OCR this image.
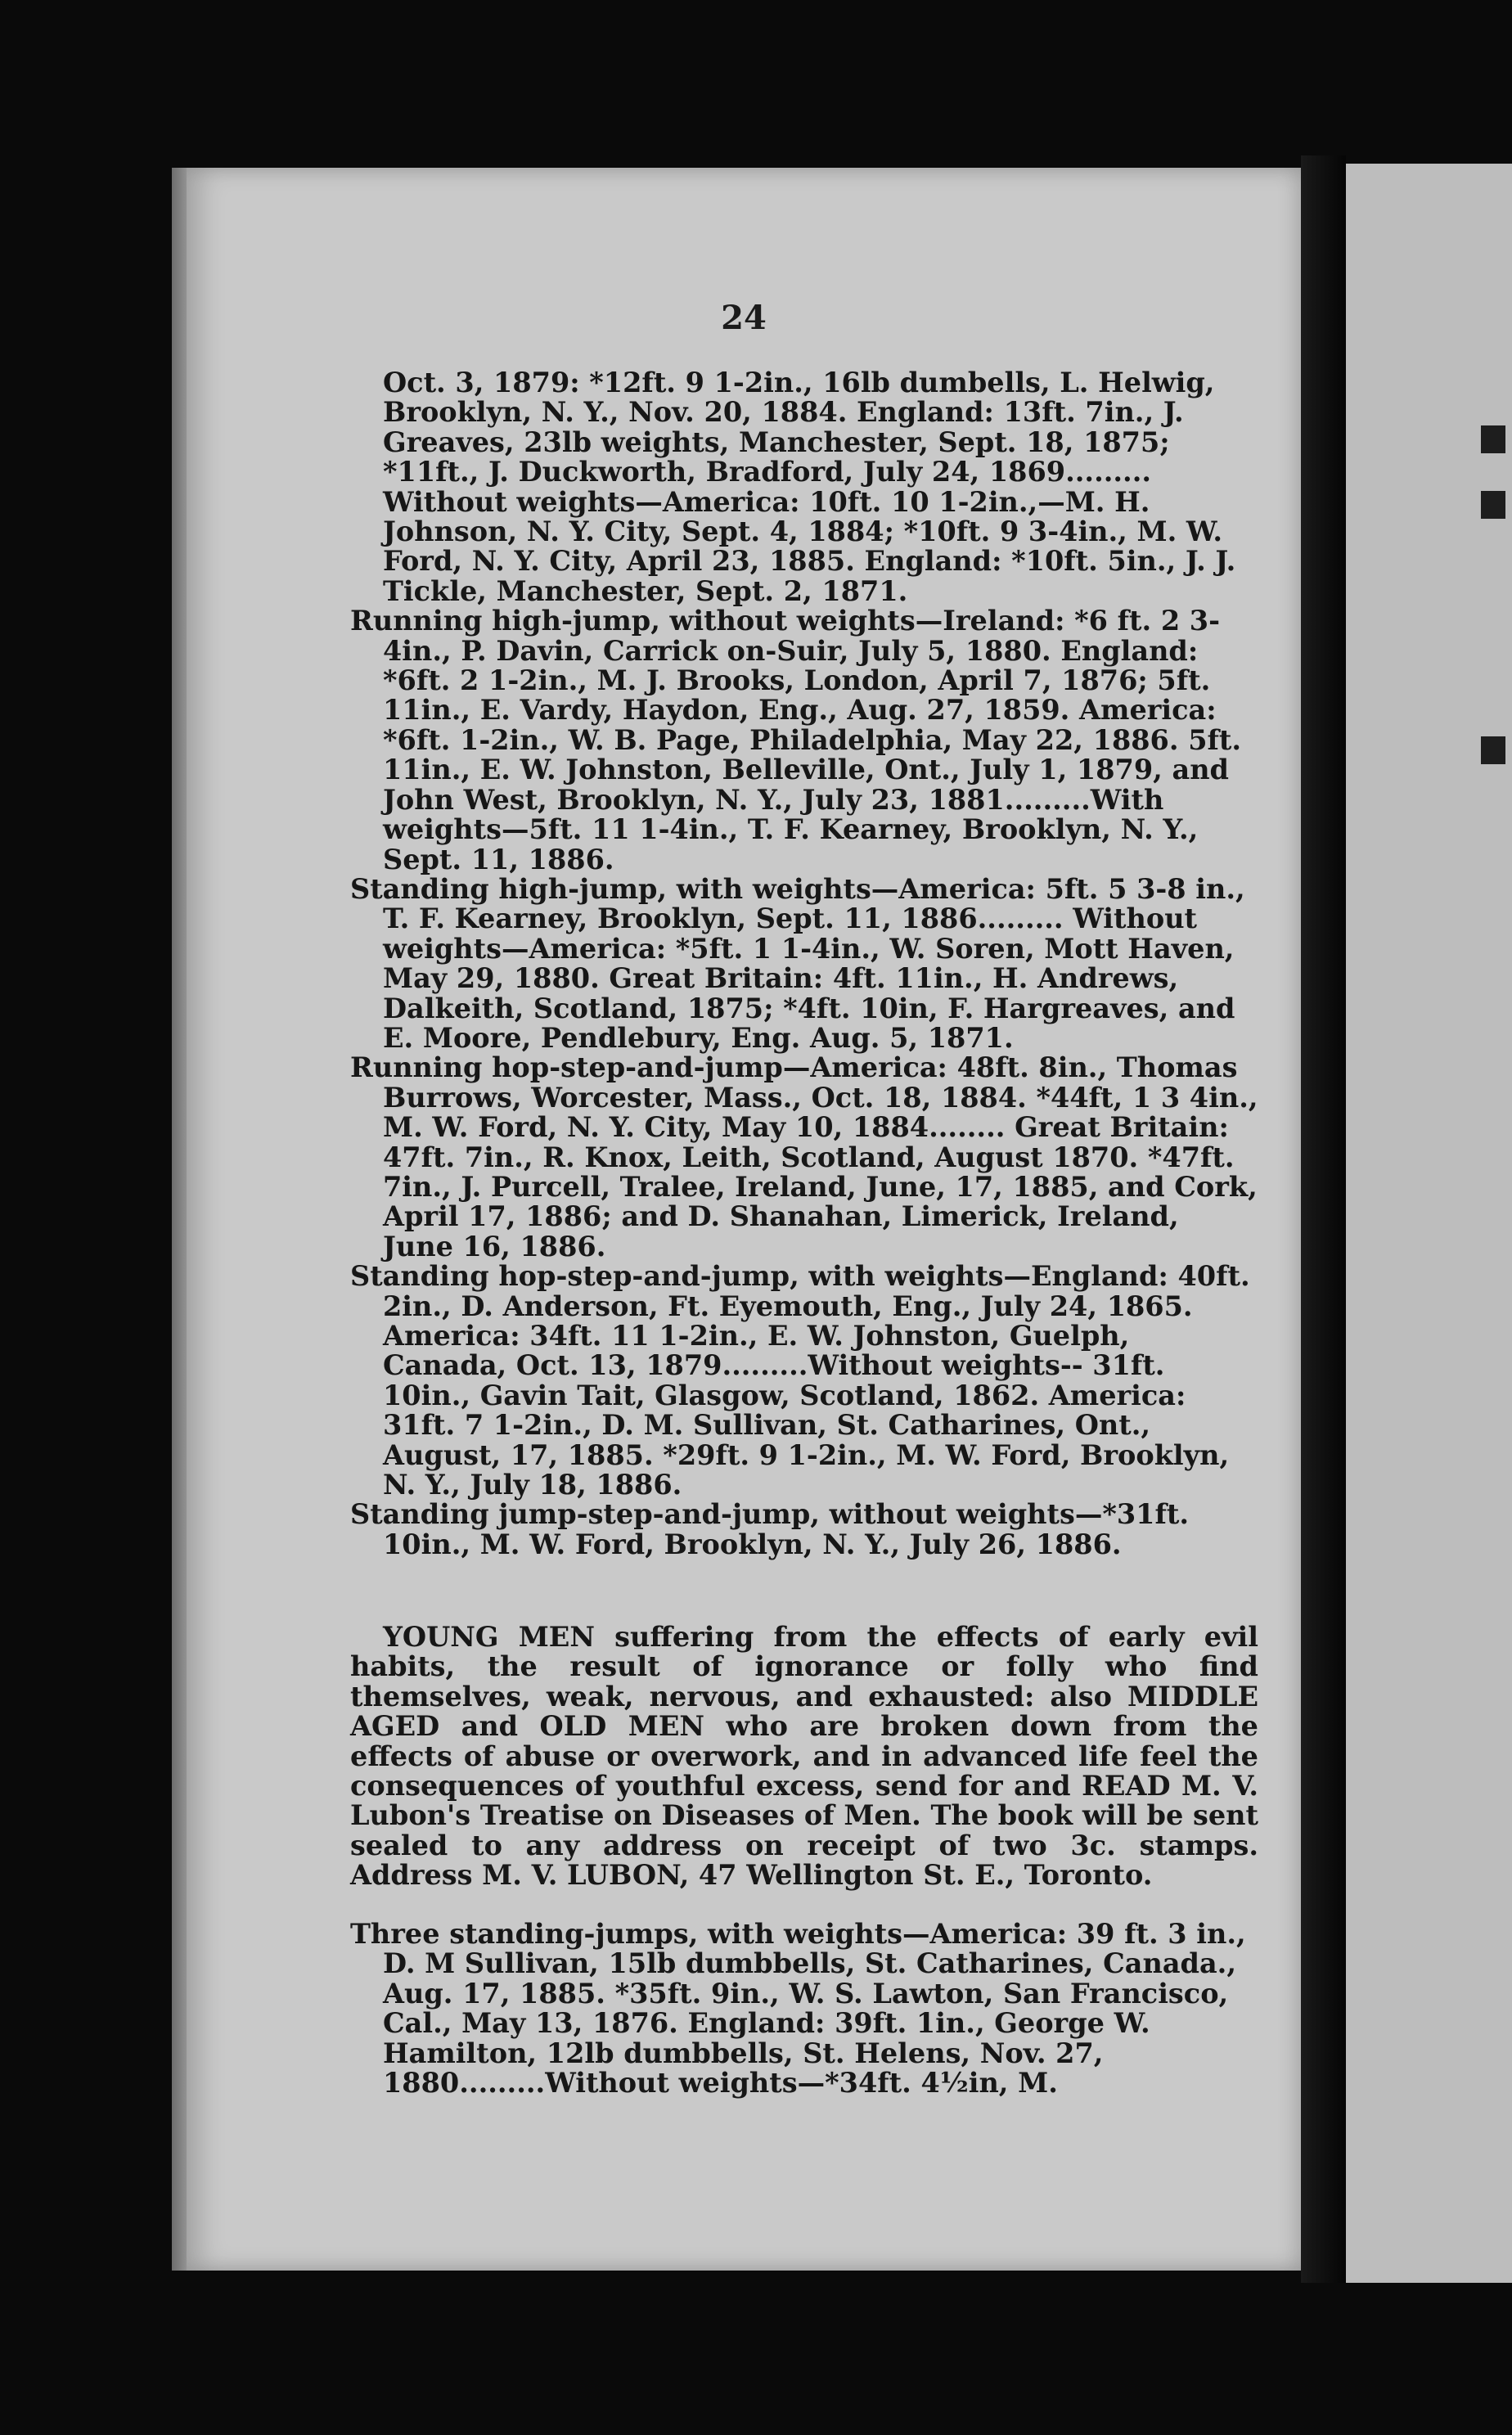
24
Oct. 3, 1879: *12ft. 9 1-2in., 16lb dumbells, L. Helwig, Brooklyn, N. Y., Nov. 20, 1884. England: 13ft. 7in., J. Greaves, 23lb weights, Manchester, Sept. 18, 1875; *11ft., J. Duckworth, Bradford, July 24, 1869......... Without weights—America: 10ft. 10 1-2in.,—M. H. Johnson, N. Y. City, Sept. 4, 1884; *10ft. 9 3-4in., M. W. Ford, N. Y. City, April 23, 1885. England: *10ft. 5in., J. J. Tickle, Manchester, Sept. 2, 1871.
Running high-jump, without weights—Ireland: *6 ft. 2 3-4in., P. Davin, Carrick on-Suir, July 5, 1880. England: *6ft. 2 1-2in., M. J. Brooks, London, April 7, 1876; 5ft. 11in., E. Vardy, Haydon, Eng., Aug. 27, 1859. America: *6ft. 1-2in., W. B. Page, Philadelphia, May 22, 1886. 5ft. 11in., E. W. Johnston, Belleville, Ont., July 1, 1879, and John West, Brooklyn, N. Y., July 23, 1881.........With weights—5ft. 11 1-4in., T. F. Kearney, Brooklyn, N. Y., Sept. 11, 1886.
Standing high-jump, with weights—America: 5ft. 5 3-8 in., T. F. Kearney, Brooklyn, Sept. 11, 1886......... Without weights—America: *5ft. 1 1-4in., W. Soren, Mott Haven, May 29, 1880. Great Britain: 4ft. 11in., H. Andrews, Dalkeith, Scotland, 1875; *4ft. 10in, F. Hargreaves, and E. Moore, Pendlebury, Eng. Aug. 5, 1871.
Running hop-step-and-jump—America: 48ft. 8in., Thomas Burrows, Worcester, Mass., Oct. 18, 1884. *44ft, 1 3 4in., M. W. Ford, N. Y. City, May 10, 1884........ Great Britain: 47ft. 7in., R. Knox, Leith, Scotland, August 1870. *47ft. 7in., J. Purcell, Tralee, Ireland, June, 17, 1885, and Cork, April 17, 1886; and D. Shanahan, Limerick, Ireland, June 16, 1886.
Standing hop-step-and-jump, with weights—England: 40ft. 2in., D. Anderson, Ft. Eyemouth, Eng., July 24, 1865. America: 34ft. 11 1-2in., E. W. Johnston, Guelph, Canada, Oct. 13, 1879.........Without weights-- 31ft. 10in., Gavin Tait, Glasgow, Scotland, 1862. America: 31ft. 7 1-2in., D. M. Sullivan, St. Catharines, Ont., August, 17, 1885. *29ft. 9 1-2in., M. W. Ford, Brooklyn, N. Y., July 18, 1886.
Standing jump-step-and-jump, without weights—*31ft. 10in., M. W. Ford, Brooklyn, N. Y., July 26, 1886.
YOUNG MEN suffering from the effects of early evil habits, the result of ignorance or folly who find themselves, weak, nervous, and exhausted: also MIDDLE AGED and OLD MEN who are broken down from the effects of abuse or overwork, and in advanced life feel the consequences of youthful excess, send for and READ M. V. Lubon's Treatise on Diseases of Men. The book will be sent sealed to any address on receipt of two 3c. stamps. Address M. V. LUBON, 47 Wellington St. E., Toronto.
Three standing-jumps, with weights—America: 39 ft. 3 in., D. M Sullivan, 15lb dumbbells, St. Catharines, Canada., Aug. 17, 1885. *35ft. 9in., W. S. Lawton, San Francisco, Cal., May 13, 1876. England: 39ft. 1in., George W. Hamilton, 12lb dumbbells, St. Helens, Nov. 27, 1880.........Without weights—*34ft. 4½in, M.
